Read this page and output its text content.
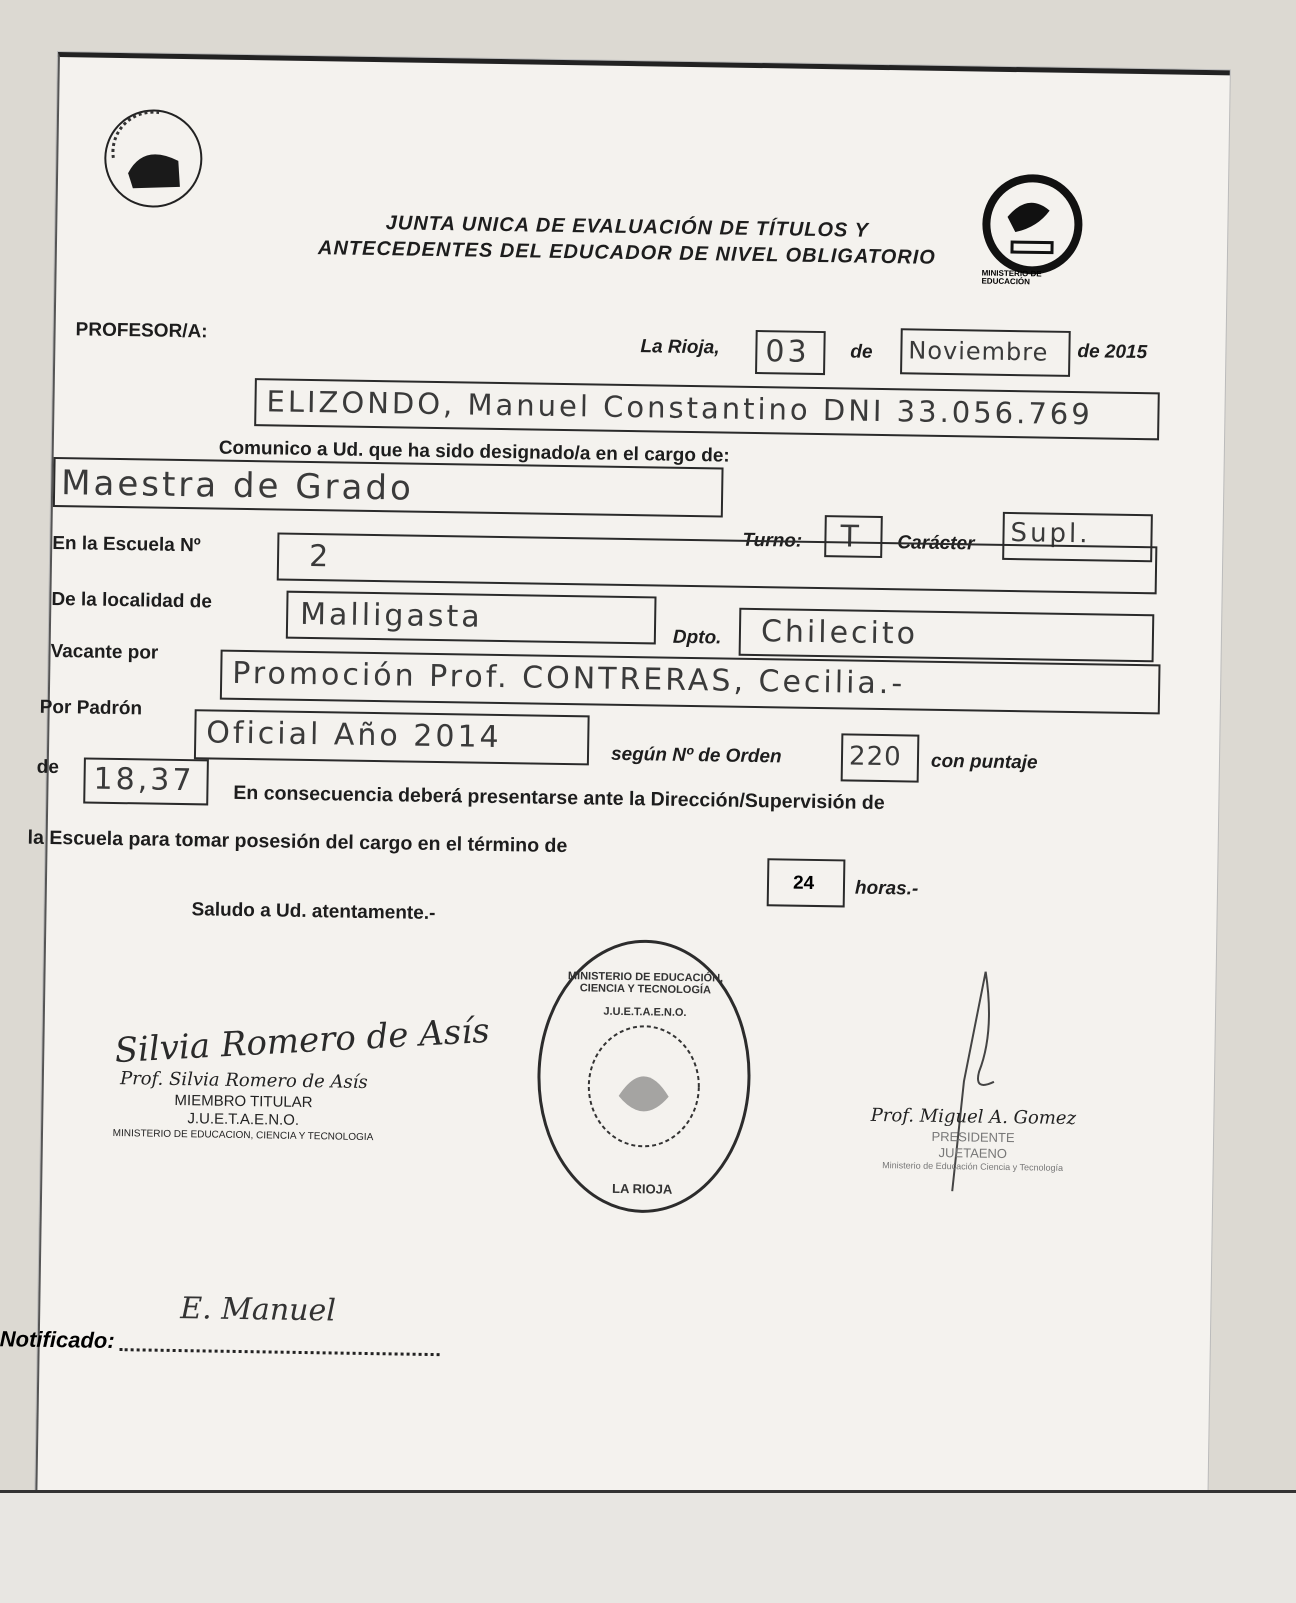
MINISTERIO DE EDUCACIÓN
JUNTA UNICA DE EVALUACIÓN DE TÍTULOS Y
ANTECEDENTES DEL EDUCADOR DE NIVEL OBLIGATORIO
PROFESOR/A:
La Rioja, 03 de Noviembre de 2015
ELIZONDO, Manuel Constantino DNI 33.056.769
Comunico a Ud. que ha sido designado/a en el cargo de:
Maestra de Grado
Turno: T Carácter Supl.
En la Escuela Nº	2
De la localidad de	Malligasta
Dpto. Chilecito
Vacante por
Promoción Prof. CONTRERAS, Cecilia.-
Por Padrón
Oficial Año 2014
según Nº de Orden	220 con puntaje
de 18,37 En consecuencia deberá presentarse ante la Dirección/Supervisión de
la Escuela para tomar posesión del cargo en el término de
24 horas.-
Saludo a Ud. atentamente.-
Silvia Romero de Asís
Prof. Silvia Romero de Asís
MIEMBRO TITULAR
J.U.E.T.A.E.N.O.
MINISTERIO DE EDUCACION, CIENCIA Y TECNOLOGIA
MINISTERIO DE EDUCACIÓN, CIENCIA Y TECNOLOGÍA
J.U.E.T.A.E.N.O.
LA RIOJA
Prof. Miguel A. Gomez
PRESIDENTE
JUETAENO
Ministerio de Educación Ciencia y Tecnología
Notificado:
E. Manuel
